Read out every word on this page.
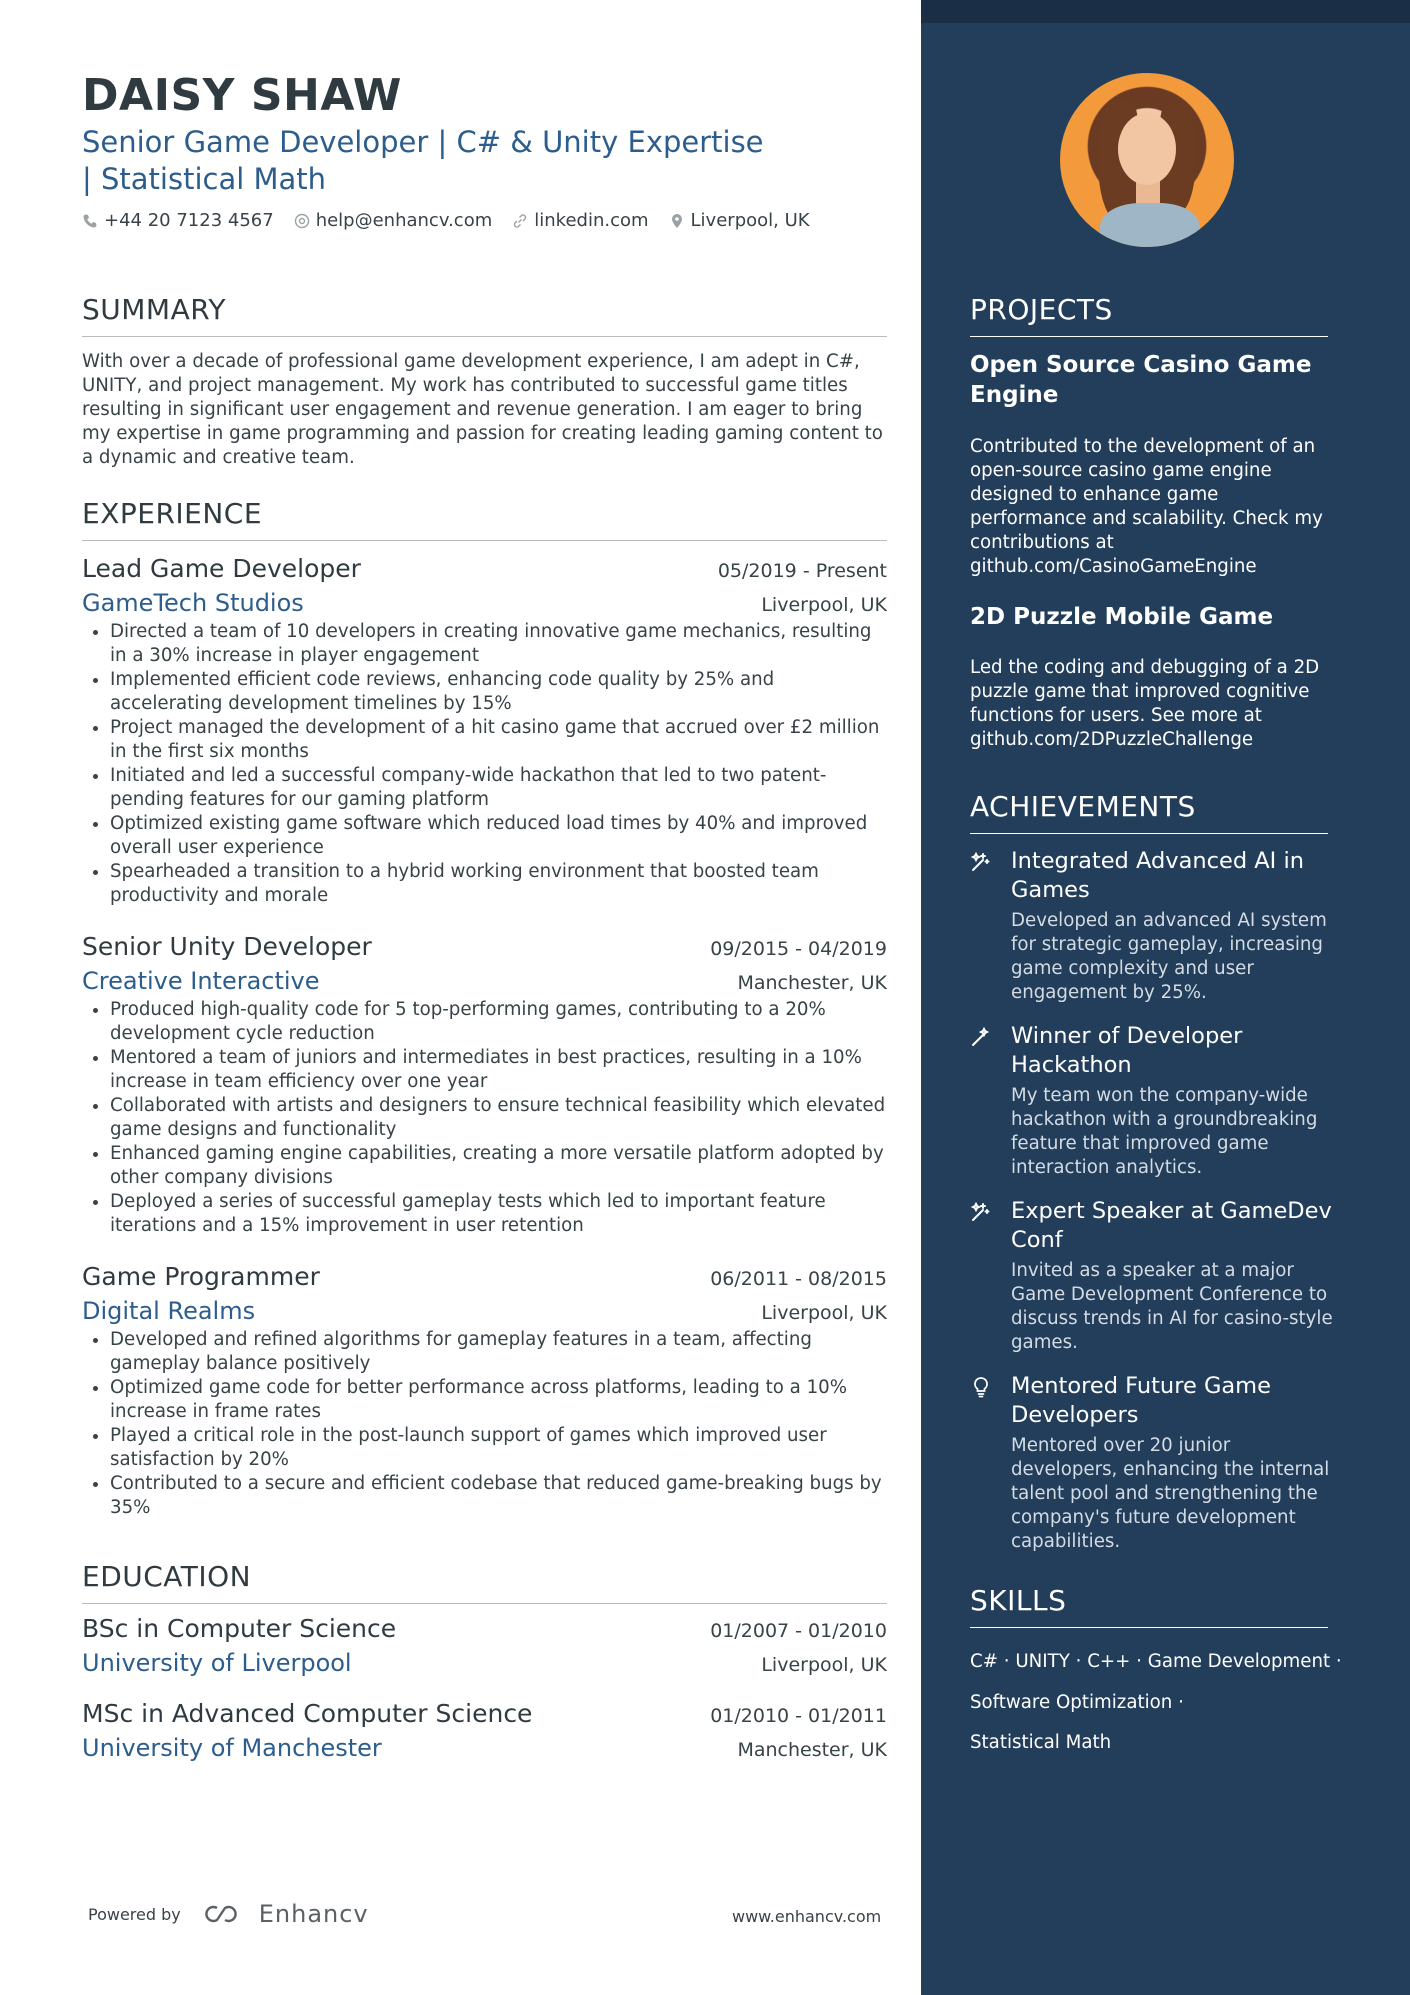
DAISY SHAW
Senior Game Developer | C# & Unity Expertise | Statistical Math
+44 20 7123 4567 help@enhancv.com linkedin.com Liverpool, UK
SUMMARY

With over a decade of professional game development experience, I am adept in C#, UNITY, and project management. My work has contributed to successful game titles resulting in significant user engagement and revenue generation. I am eager to bring my expertise in game programming and passion for creating leading gaming content to a dynamic and creative team.

EXPERIENCE
Lead Game Developer	05/2019 - Present
GameTech Studios	Liverpool, UK
• Directed a team of 10 developers in creating innovative game mechanics, resulting in a 30% increase in player engagement
• Implemented efficient code reviews, enhancing code quality by 25% and accelerating development timelines by 15%
• Project managed the development of a hit casino game that accrued over £2 million in the first six months
• Initiated and led a successful company-wide hackathon that led to two patent-pending features for our gaming platform
• Optimized existing game software which reduced load times by 40% and improved overall user experience
• Spearheaded a transition to a hybrid working environment that boosted team productivity and morale
Senior Unity Developer	09/2015 - 04/2019
Creative Interactive	Manchester, UK
• Produced high-quality code for 5 top-performing games, contributing to a 20% development cycle reduction
• Mentored a team of juniors and intermediates in best practices, resulting in a 10% increase in team efficiency over one year
• Collaborated with artists and designers to ensure technical feasibility which elevated game designs and functionality
• Enhanced gaming engine capabilities, creating a more versatile platform adopted by other company divisions
• Deployed a series of successful gameplay tests which led to important feature iterations and a 15% improvement in user retention
Game Programmer	06/2011 - 08/2015
Digital Realms	Liverpool, UK
• Developed and refined algorithms for gameplay features in a team, affecting gameplay balance positively
• Optimized game code for better performance across platforms, leading to a 10% increase in frame rates
• Played a critical role in the post-launch support of games which improved user satisfaction by 20%
• Contributed to a secure and efficient codebase that reduced game-breaking bugs by 35%
EDUCATION
BSc in Computer Science	01/2007 - 01/2010
University of Liverpool	Liverpool, UK
MSc in Advanced Computer Science	01/2010 - 01/2011
University of Manchester	Manchester, UK
Powered by	Enhancv	www.enhancv.com
PROJECTS
Open Source Casino Game Engine

Contributed to the development of an open-source casino game engine designed to enhance game performance and scalability. Check my contributions at github.com/CasinoGameEngine

2D Puzzle Mobile Game

Led the coding and debugging of a 2D puzzle game that improved cognitive functions for users. See more at github.com/2DPuzzleChallenge

ACHIEVEMENTS
Integrated Advanced AI in Games
Developed an advanced AI system for strategic gameplay, increasing game complexity and user engagement by 25%.
Winner of Developer Hackathon
My team won the company-wide hackathon with a groundbreaking feature that improved game interaction analytics.
Expert Speaker at GameDev Conf
Invited as a speaker at a major Game Development Conference to discuss trends in AI for casino-style games.
Mentored Future Game Developers
Mentored over 20 junior developers, enhancing the internal talent pool and strengthening the company's future development capabilities.
SKILLS
C# · UNITY · C++ · Game Development ·
Software Optimization ·
Statistical Math
